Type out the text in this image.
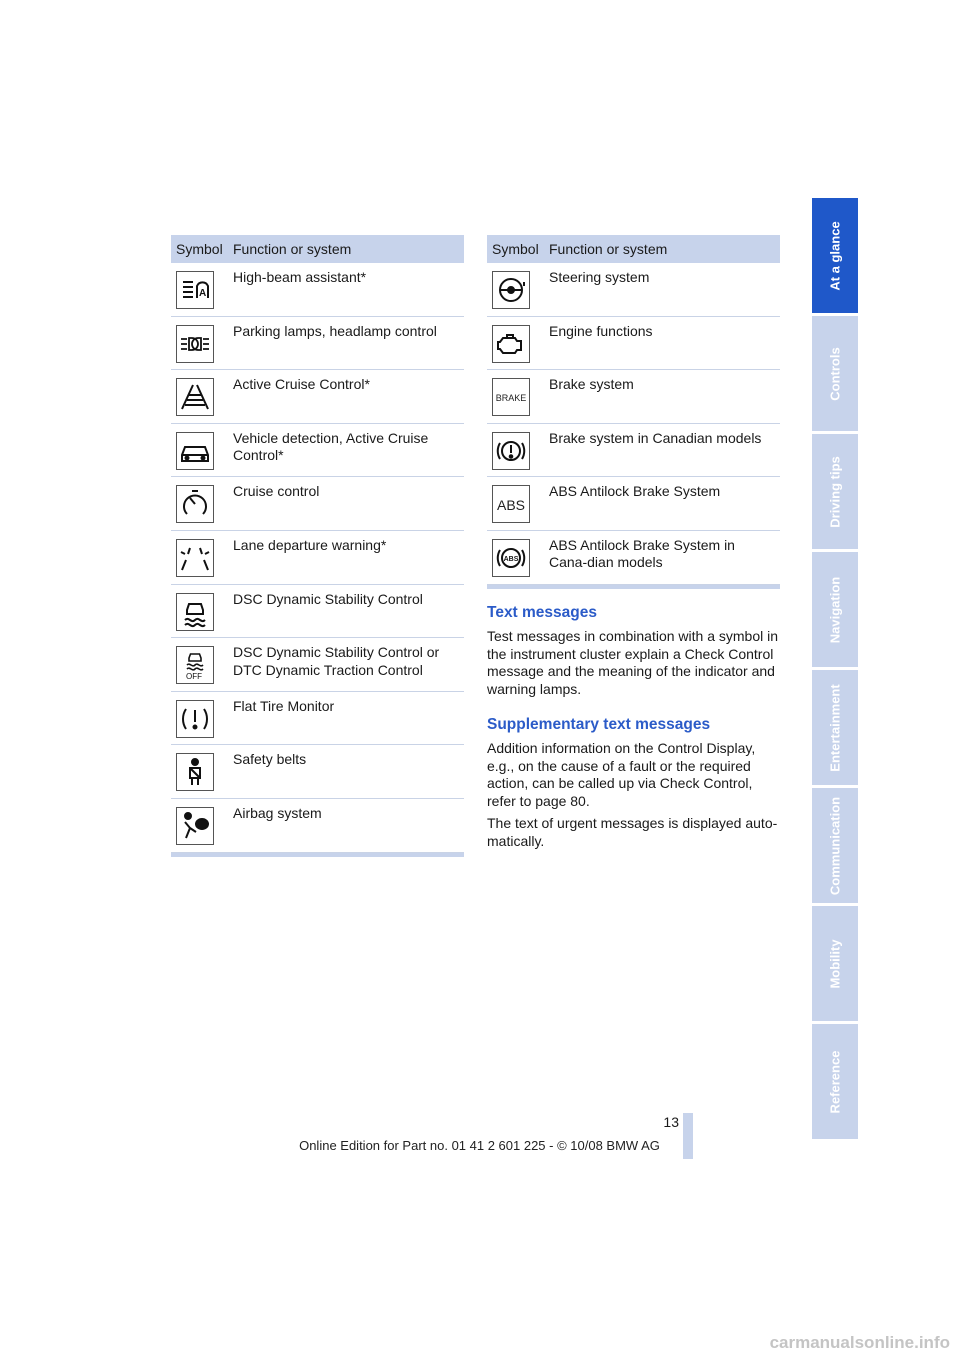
Symbol Function or system
A
High-beam assistant*
Parking lamps, headlamp control
Active Cruise Control*
Vehicle detection, Active Cruise Control*
Cruise control
Lane departure warning*
DSC Dynamic Stability Control
OFF
DSC Dynamic Stability Control or DTC Dynamic Traction Control
Flat Tire Monitor
Safety belts
Airbag system
Symbol Function or system
Steering system
Engine functions
BRAKE
Brake system
Brake system in Canadian models
ABS
ABS Antilock Brake System
ABS
ABS Antilock Brake System in Cana-dian models
Text messages
Test messages in combination with a symbol in the instrument cluster explain a Check Control message and the meaning of the indicator and warning lamps.
Supplementary text messages
Addition information on the Control Display, e.g., on the cause of a fault or the required action, can be called up via Check Control, refer to page 80.
The text of urgent messages is displayed auto-matically.
At a glance
Controls
Driving tips
Navigation
Entertainment
Communication
Mobility
Reference
13
Online Edition for Part no. 01 41 2 601 225 - © 10/08 BMW AG
carmanualsonline.info
